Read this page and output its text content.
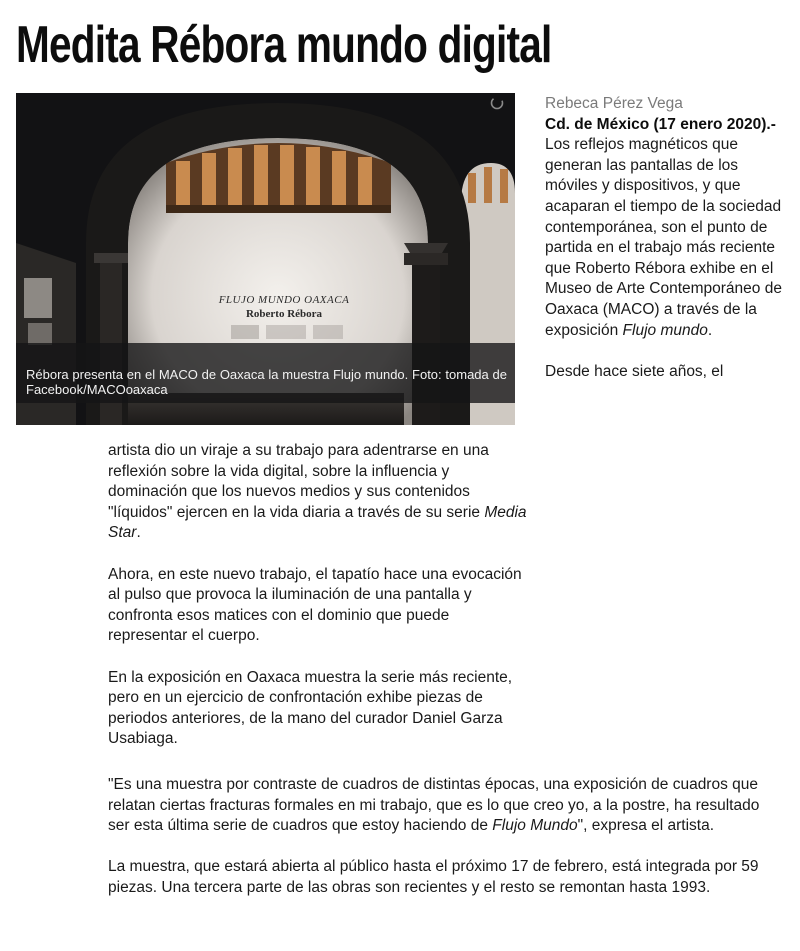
Medita Rébora mundo digital
FLUJO MUNDO OAXACA
Roberto Rébora
Rébora presenta en el MACO de Oaxaca la muestra Flujo mundo. Foto: tomada de Facebook/MACOoaxaca
Rebeca Pérez Vega

Cd. de México (17 enero 2020).- Los reflejos magnéticos que generan las pantallas de los móviles y dispositivos, y que acaparan el tiempo de la sociedad contemporánea, son el punto de partida en el trabajo más reciente que Roberto Rébora exhibe en el Museo de Arte Contemporáneo de Oaxaca (MACO) a través de la exposición Flujo mundo.

Desde hace siete años, el

artista dio un viraje a su trabajo para adentrarse en una reflexión sobre la vida digital, sobre la influencia y dominación que los nuevos medios y sus contenidos "líquidos" ejercen en la vida diaria a través de su serie Media Star.

Ahora, en este nuevo trabajo, el tapatío hace una evocación al pulso que provoca la iluminación de una pantalla y confronta esos matices con el dominio que puede representar el cuerpo.

En la exposición en Oaxaca muestra la serie más reciente, pero en un ejercicio de confrontación exhibe piezas de periodos anteriores, de la mano del curador Daniel Garza Usabiaga.

"Es una muestra por contraste de cuadros de distintas épocas, una exposición de cuadros que relatan ciertas fracturas formales en mi trabajo, que es lo que creo yo, a la postre, ha resultado ser esta última serie de cuadros que estoy haciendo de Flujo Mundo", expresa el artista.

La muestra, que estará abierta al público hasta el próximo 17 de febrero, está integrada por 59 piezas. Una tercera parte de las obras son recientes y el resto se remontan hasta 1993.
